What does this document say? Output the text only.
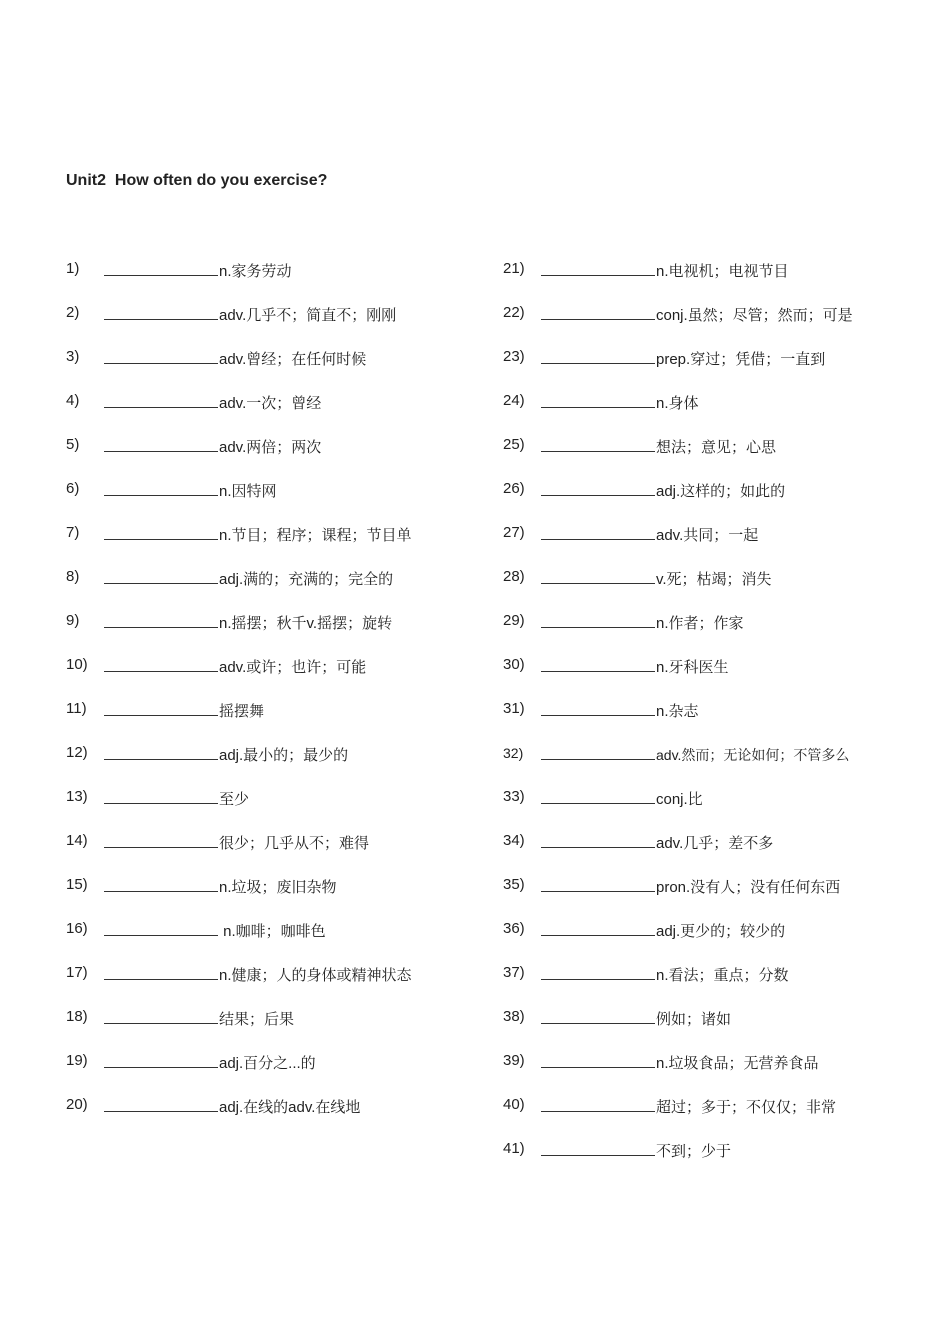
Unit2  How often do you exercise?
1)	n.家务劳动
2)	adv.几乎不；简直不；刚刚
3)	adv.曾经；在任何时候
4)	adv.一次；曾经
5)	adv.两倍；两次
6)	n.因特网
7)	n.节目；程序；课程；节目单
8)	adj.满的；充满的；完全的
9)	n.摇摆；秋千v.摇摆；旋转
10)	adv.或许；也许；可能
11)	摇摆舞
12)	adj.最小的；最少的
13)	至少
14)	很少；几乎从不；难得
15)	n.垃圾；废旧杂物
16)	n.咖啡；咖啡色
17)	n.健康；人的身体或精神状态
18)	结果；后果
19)	adj.百分之...的
20)	adj.在线的adv.在线地
21)	n.电视机；电视节目
22)	conj.虽然；尽管；然而；可是
23)	prep.穿过；凭借；一直到
24)	n.身体
25)	想法；意见；心思
26)	adj.这样的；如此的
27)	adv.共同；一起
28)	v.死；枯竭；消失
29)	n.作者；作家
30)	n.牙科医生
31)	n.杂志
32)	adv.然而；无论如何；不管多么
33)	conj.比
34)	adv.几乎；差不多
35)	pron.没有人；没有任何东西
36)	adj.更少的；较少的
37)	n.看法；重点；分数
38)	例如；诸如
39)	n.垃圾食品；无营养食品
40)	超过；多于；不仅仅；非常
41)	不到；少于
